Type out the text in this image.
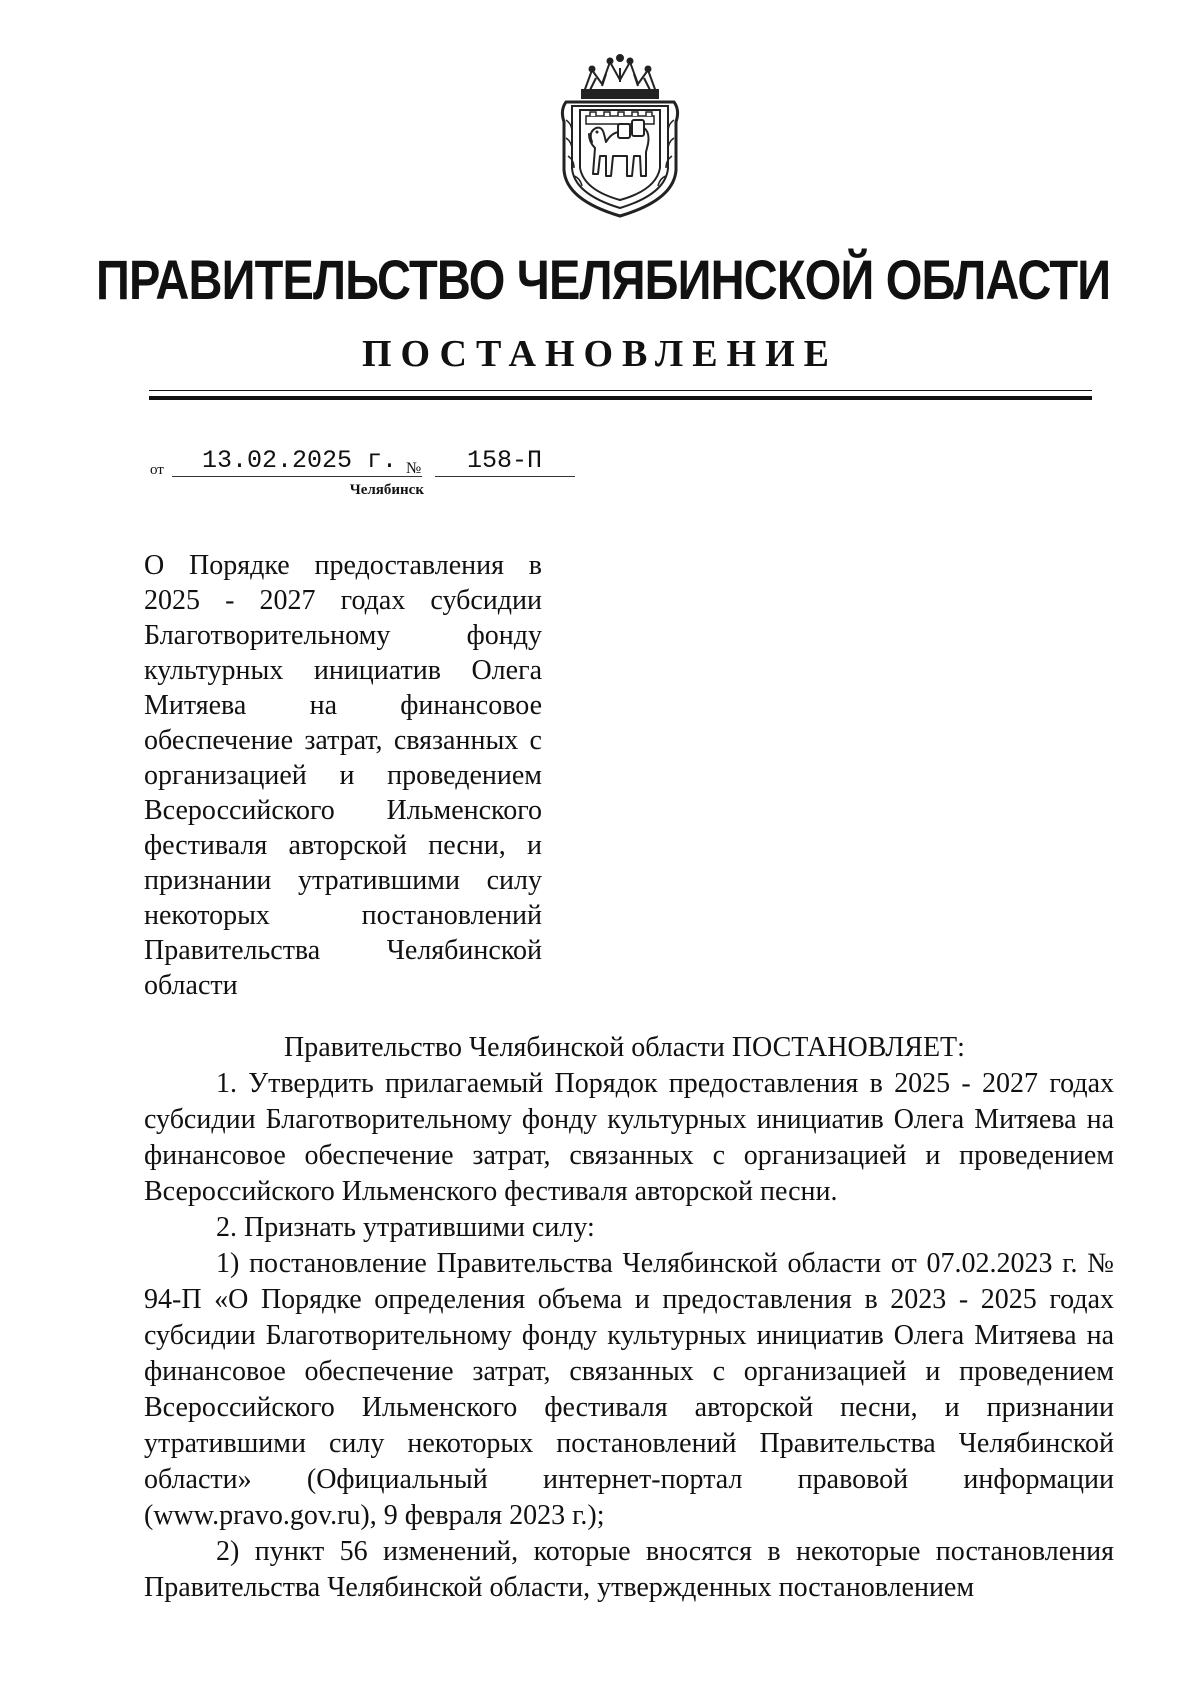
ПРАВИТЕЛЬСТВО ЧЕЛЯБИНСКОЙ ОБЛАСТИ
ПОСТАНОВЛЕНИЕ
от 13.02.2025 г. № 158-П
Челябинск
О Порядке предоставления в 2025 - 2027 годах субсидии Благотворительному фонду культурных инициатив Олега Митяева на финансовое обеспечение затрат, связанных с организацией и проведением Всероссийского Ильменского фестиваля авторской песни, и признании утратившими силу некоторых постановлений Правительства Челябинской области

Правительство Челябинской области ПОСТАНОВЛЯЕТ:

1. Утвердить прилагаемый Порядок предоставления в 2025 - 2027 годах субсидии Благотворительному фонду культурных инициатив Олега Митяева на финансовое обеспечение затрат, связанных с организацией и проведением Всероссийского Ильменского фестиваля авторской песни.

2. Признать утратившими силу:

1) постановление Правительства Челябинской области от 07.02.2023 г. № 94-П «О Порядке определения объема и предоставления в 2023 - 2025 годах субсидии Благотворительному фонду культурных инициатив Олега Митяева на финансовое обеспечение затрат, связанных с организацией и проведением Всероссийского Ильменского фестиваля авторской песни, и признании утратившими силу некоторых постановлений Правительства Челябинской области» (Официальный интернет-портал правовой информации (www.pravo.gov.ru), 9 февраля 2023 г.);

2) пункт 56 изменений, которые вносятся в некоторые постановления Правительства Челябинской области, утвержденных постановлением
